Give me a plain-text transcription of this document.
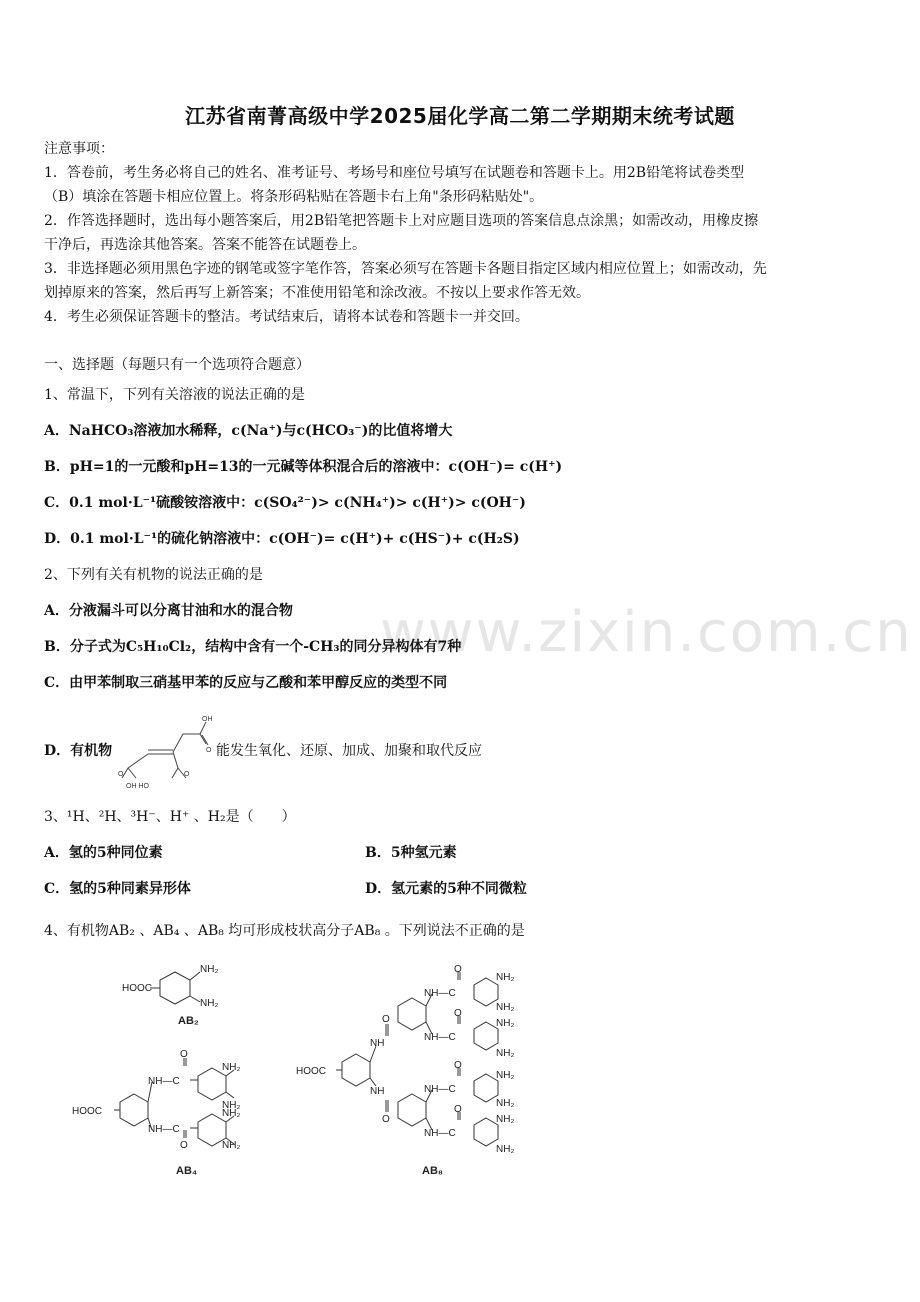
www.zixin.com.cn
江苏省南菁高级中学2025届化学高二第二学期期末统考试题
注意事项：
1．答卷前，考生务必将自己的姓名、准考证号、考场号和座位号填写在试题卷和答题卡上。用2B铅笔将试卷类型
（B）填涂在答题卡相应位置上。将条形码粘贴在答题卡右上角"条形码粘贴处"。
2．作答选择题时，选出每小题答案后，用2B铅笔把答题卡上对应题目选项的答案信息点涂黑；如需改动，用橡皮擦
干净后，再选涂其他答案。答案不能答在试题卷上。
3．非选择题必须用黑色字迹的钢笔或签字笔作答，答案必须写在答题卡各题目指定区域内相应位置上；如需改动，先
划掉原来的答案，然后再写上新答案；不准使用铅笔和涂改液。不按以上要求作答无效。
4．考生必须保证答题卡的整洁。考试结束后，请将本试卷和答题卡一并交回。
一、选择题（每题只有一个选项符合题意）
1、常温下，下列有关溶液的说法正确的是
A．NaHCO₃溶液加水稀释，c(Na⁺)与c(HCO₃⁻)的比值将增大
B．pH=1的一元酸和pH=13的一元碱等体积混合后的溶液中：c(OH⁻)= c(H⁺)
C．0.1 mol·L⁻¹硫酸铵溶液中：c(SO₄²⁻)> c(NH₄⁺)> c(H⁺)> c(OH⁻)
D．0.1 mol·L⁻¹的硫化钠溶液中：c(OH⁻)= c(H⁺)+ c(HS⁻)+ c(H₂S)
2、下列有关有机物的说法正确的是
A．分液漏斗可以分离甘油和水的混合物
B．分子式为C₅H₁₀Cl₂，结构中含有一个-CH₃的同分异构体有7种
C．由甲苯制取三硝基甲苯的反应与乙酸和苯甲醇反应的类型不同
D．有机物
OH
O
O
OH HO
O
能发生氧化、还原、加成、加聚和取代反应
3、¹H、²H、³H⁻、H⁺ 、H₂是（　　）
A．氢的5种同位素	B．5种氢元素
C．氢的5种同素异形体	D．氢元素的5种不同微粒
4、有机物AB₂ 、AB₄ 、AB₈ 均可形成枝状高分子AB₈ 。下列说法不正确的是
HOOC
NH₂
NH₂
AB₂
HOOC
NH—C
NH—C
O
O
NH₂
NH₂
NH₂
NH₂
AB₄
HOOC
NH
NH
O
O
NH—C
NH—C
NH—C
NH—C
O
O
O
O
NH₂
NH₂
NH₂
NH₂
NH₂
NH₂
NH₂
NH₂
AB₈
